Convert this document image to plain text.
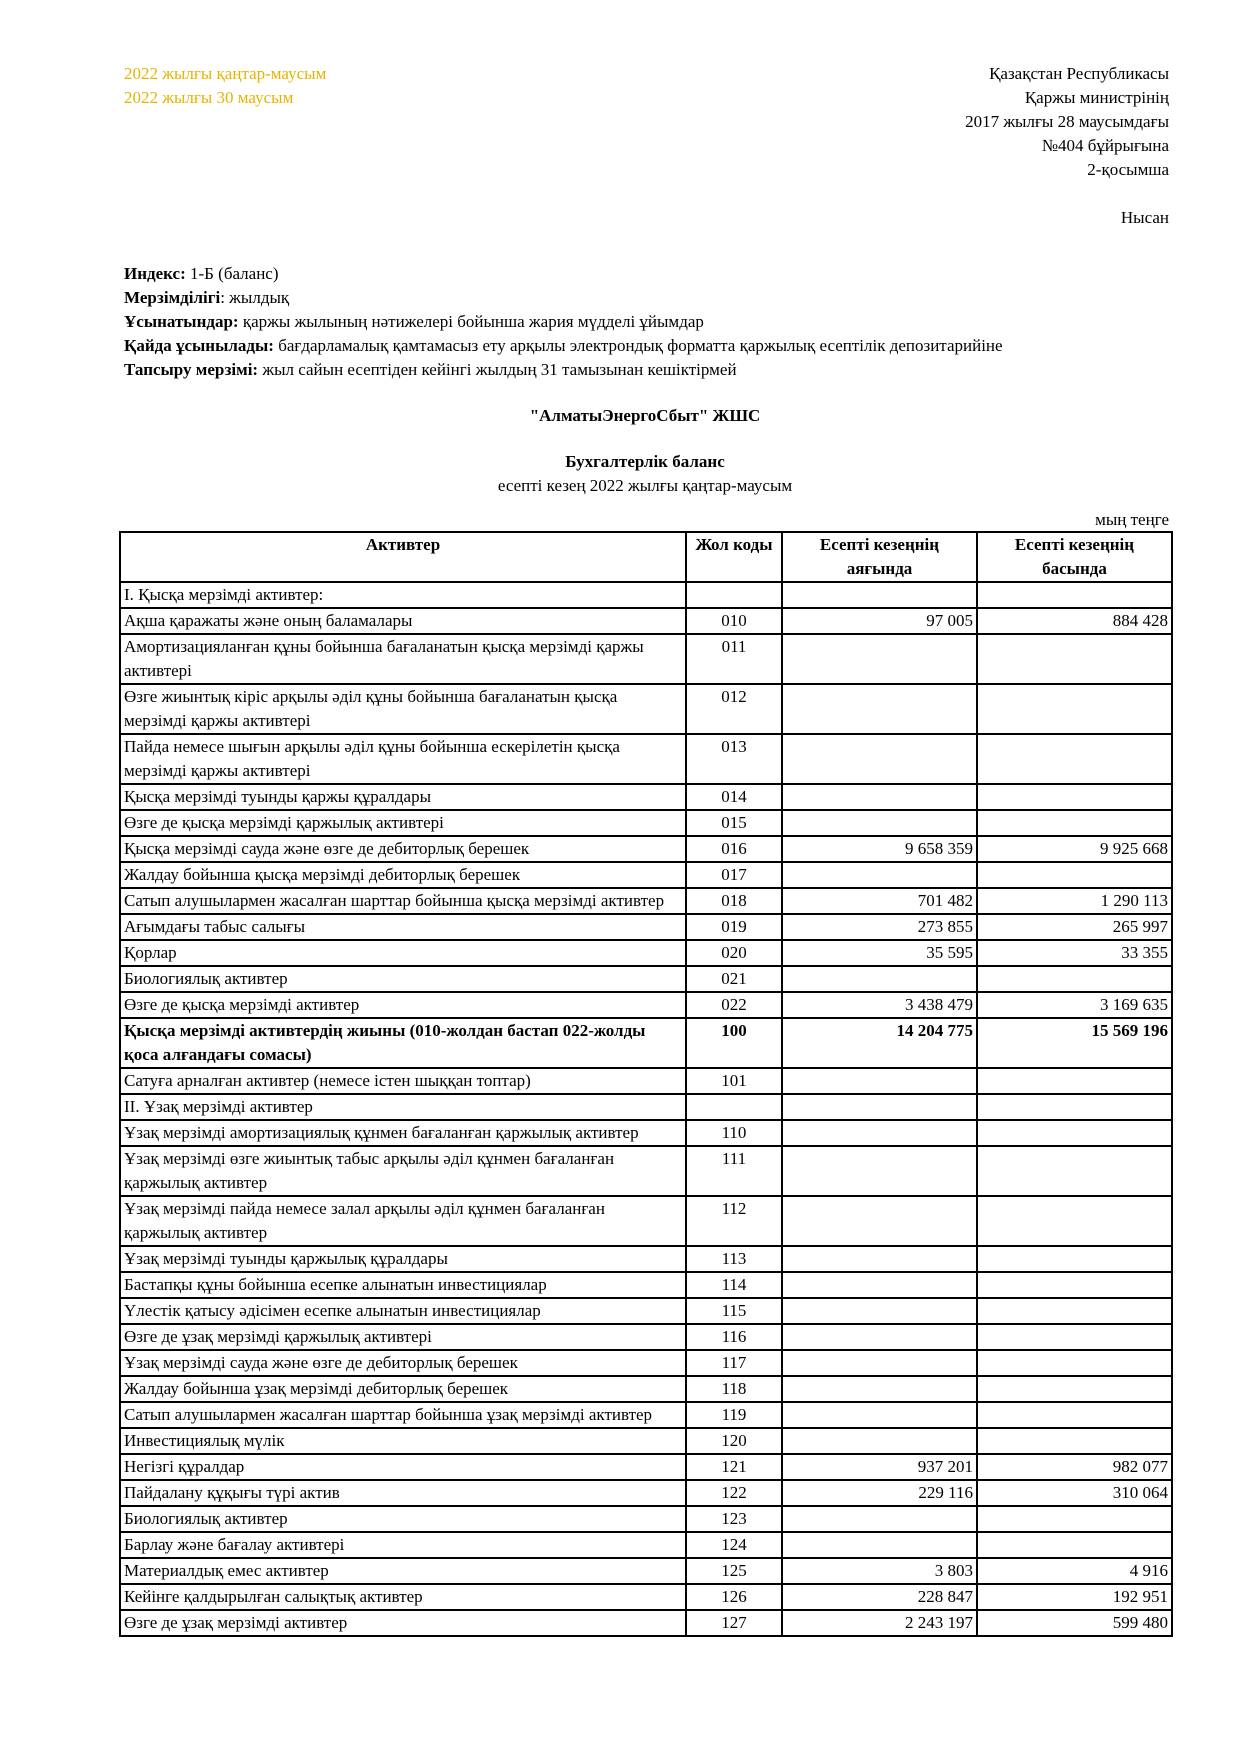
2022 жылғы қаңтар-маусым
2022 жылғы 30 маусым
Қазақстан Республикасы
Қаржы министрінің
2017 жылғы 28 маусымдағы
№404 бұйрығына
2-қосымша
Нысан
Индекс: 1-Б (баланс)
Мерзімділігі: жылдық
Ұсынатындар: қаржы жылының нәтижелері бойынша жария мүдделі ұйымдар
Қайда ұсынылады: бағдарламалық қамтамасыз ету арқылы электрондық форматта қаржылық есептілік депозитарийіне
Тапсыру мерзімі: жыл сайын есептіден кейінгі жылдың 31 тамызынан кешіктірмей
"АлматыЭнергоСбыт" ЖШС
Бухгалтерлік баланс
есепті кезең 2022 жылғы қаңтар-маусым
мың теңге
Активтер	Жол коды	Есепті кезеңнің аяғында	Есепті кезеңнің басында
I. Қысқа мерзімді активтер:			
Ақша қаражаты және оның баламалары	010	97 005	884 428
Амортизацияланған құны бойынша бағаланатын қысқа мерзімді қаржы активтері	011		
Өзге жиынтық кіріс арқылы әділ құны бойынша бағаланатын қысқа мерзімді қаржы активтері	012		
Пайда немесе шығын арқылы әділ құны бойынша ескерілетін қысқа мерзімді қаржы активтері	013		
Қысқа мерзімді туынды қаржы құралдары	014		
Өзге де қысқа мерзімді қаржылық активтері	015		
Қысқа мерзімді сауда және өзге де дебиторлық берешек	016	9 658 359	9 925 668
Жалдау бойынша қысқа мерзімді дебиторлық берешек	017		
Сатып алушылармен жасалған шарттар бойынша қысқа мерзімді активтер	018	701 482	1 290 113
Ағымдағы табыс салығы	019	273 855	265 997
Қорлар	020	35 595	33 355
Биологиялық активтер	021		
Өзге де қысқа мерзімді активтер	022	3 438 479	3 169 635
Қысқа мерзімді активтердің жиыны (010-жолдан бастап 022-жолды қоса алғандағы сомасы)	100	14 204 775	15 569 196
Сатуға арналған активтер (немесе істен шыққан топтар)	101		
II. Ұзақ мерзімді активтер			
Ұзақ мерзімді амортизациялық құнмен бағаланған қаржылық активтер	110		
Ұзақ мерзімді өзге жиынтық табыс арқылы әділ құнмен бағаланған қаржылық активтер	111		
Ұзақ мерзімді пайда немесе залал арқылы әділ құнмен бағаланған қаржылық активтер	112		
Ұзақ мерзімді туынды қаржылық құралдары	113		
Бастапқы құны бойынша есепке алынатын инвестициялар	114		
Үлестік қатысу әдісімен есепке алынатын инвестициялар	115		
Өзге де ұзақ мерзімді қаржылық активтері	116		
Ұзақ мерзімді сауда және өзге де дебиторлық берешек	117		
Жалдау бойынша ұзақ мерзімді дебиторлық берешек	118		
Сатып алушылармен жасалған шарттар бойынша ұзақ мерзімді активтер	119		
Инвестициялық мүлік	120		
Негізгі құралдар	121	937 201	982 077
Пайдалану құқығы түрі актив	122	229 116	310 064
Биологиялық активтер	123		
Барлау және бағалау активтері	124		
Материалдық емес активтер	125	3 803	4 916
Кейінге қалдырылған салықтық активтер	126	228 847	192 951
Өзге де ұзақ мерзімді активтер	127	2 243 197	599 480
